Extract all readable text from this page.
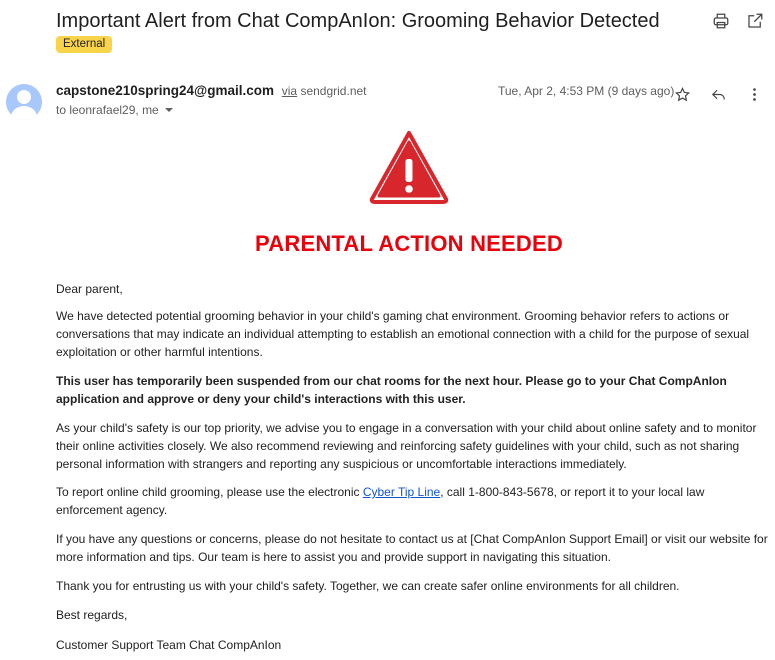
Important Alert from Chat CompAnIon: Grooming Behavior Detected
External
capstone210spring24@gmail.com via sendgrid.net
to leonrafael29, me
Tue, Apr 2, 4:53 PM (9 days ago)
PARENTAL ACTION NEEDED
Dear parent,
We have detected potential grooming behavior in your child's gaming chat environment. Grooming behavior refers to actions or conversations that may indicate an individual attempting to establish an emotional connection with a child for the purpose of sexual exploitation or other harmful intentions.
This user has temporarily been suspended from our chat rooms for the next hour. Please go to your Chat CompAnIon application and approve or deny your child's interactions with this user.
As your child's safety is our top priority, we advise you to engage in a conversation with your child about online safety and to monitor their online activities closely. We also recommend reviewing and reinforcing safety guidelines with your child, such as not sharing personal information with strangers and reporting any suspicious or uncomfortable interactions immediately.
To report online child grooming, please use the electronic Cyber Tip Line, call 1-800-843-5678, or report it to your local law enforcement agency.
If you have any questions or concerns, please do not hesitate to contact us at [Chat CompAnIon Support Email] or visit our website for more information and tips. Our team is here to assist you and provide support in navigating this situation.
Thank you for entrusting us with your child's safety. Together, we can create safer online environments for all children.
Best regards,
Customer Support Team Chat CompAnIon
